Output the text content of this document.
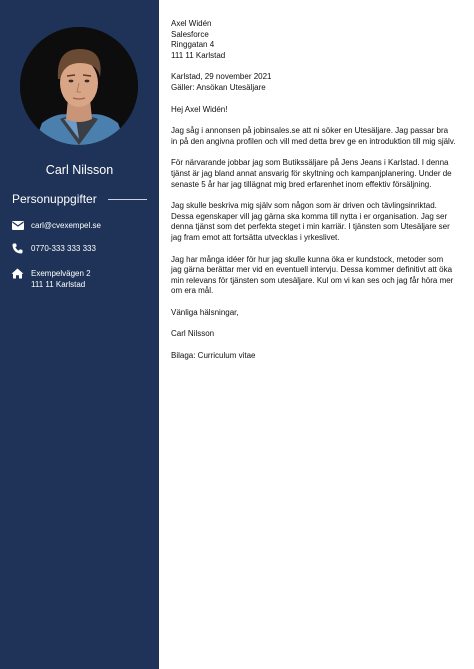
Carl Nilsson
Personuppgifter
carl@cvexempel.se
0770-333 333 333
Exempelvägen 2
111 11 Karlstad
Axel Widén
Salesforce
Ringgatan 4
111 11 Karlstad
Karlstad, 29 november 2021
Gäller: Ansökan Utesäljare

Hej Axel Widén!

Jag såg i annonsen på jobinsales.se att ni söker en Utesäljare. Jag passar bra in på den angivna profilen och vill med detta brev ge en introduktion till mig själv.

För närvarande jobbar jag som Butikssäljare på Jens Jeans i Karlstad. I denna tjänst är jag bland annat ansvarig för skyltning och kampanjplanering. Under de senaste 5 år har jag tillägnat mig bred erfarenhet inom effektiv försäljning.

Jag skulle beskriva mig själv som någon som är driven och tävlingsinriktad. Dessa egenskaper vill jag gärna ska komma till nytta i er organisation. Jag ser denna tjänst som det perfekta steget i min karriär. I tjänsten som Utesäljare ser jag fram emot att fortsätta utvecklas i yrkeslivet.

Jag har många idéer för hur jag skulle kunna öka er kundstock, metoder som jag gärna berättar mer vid en eventuell intervju. Dessa kommer definitivt att öka min relevans för tjänsten som utesäljare. Kul om vi kan ses och jag får höra mer om era mål.

Vänliga hälsningar,

Carl Nilsson

Bilaga: Curriculum vitae
